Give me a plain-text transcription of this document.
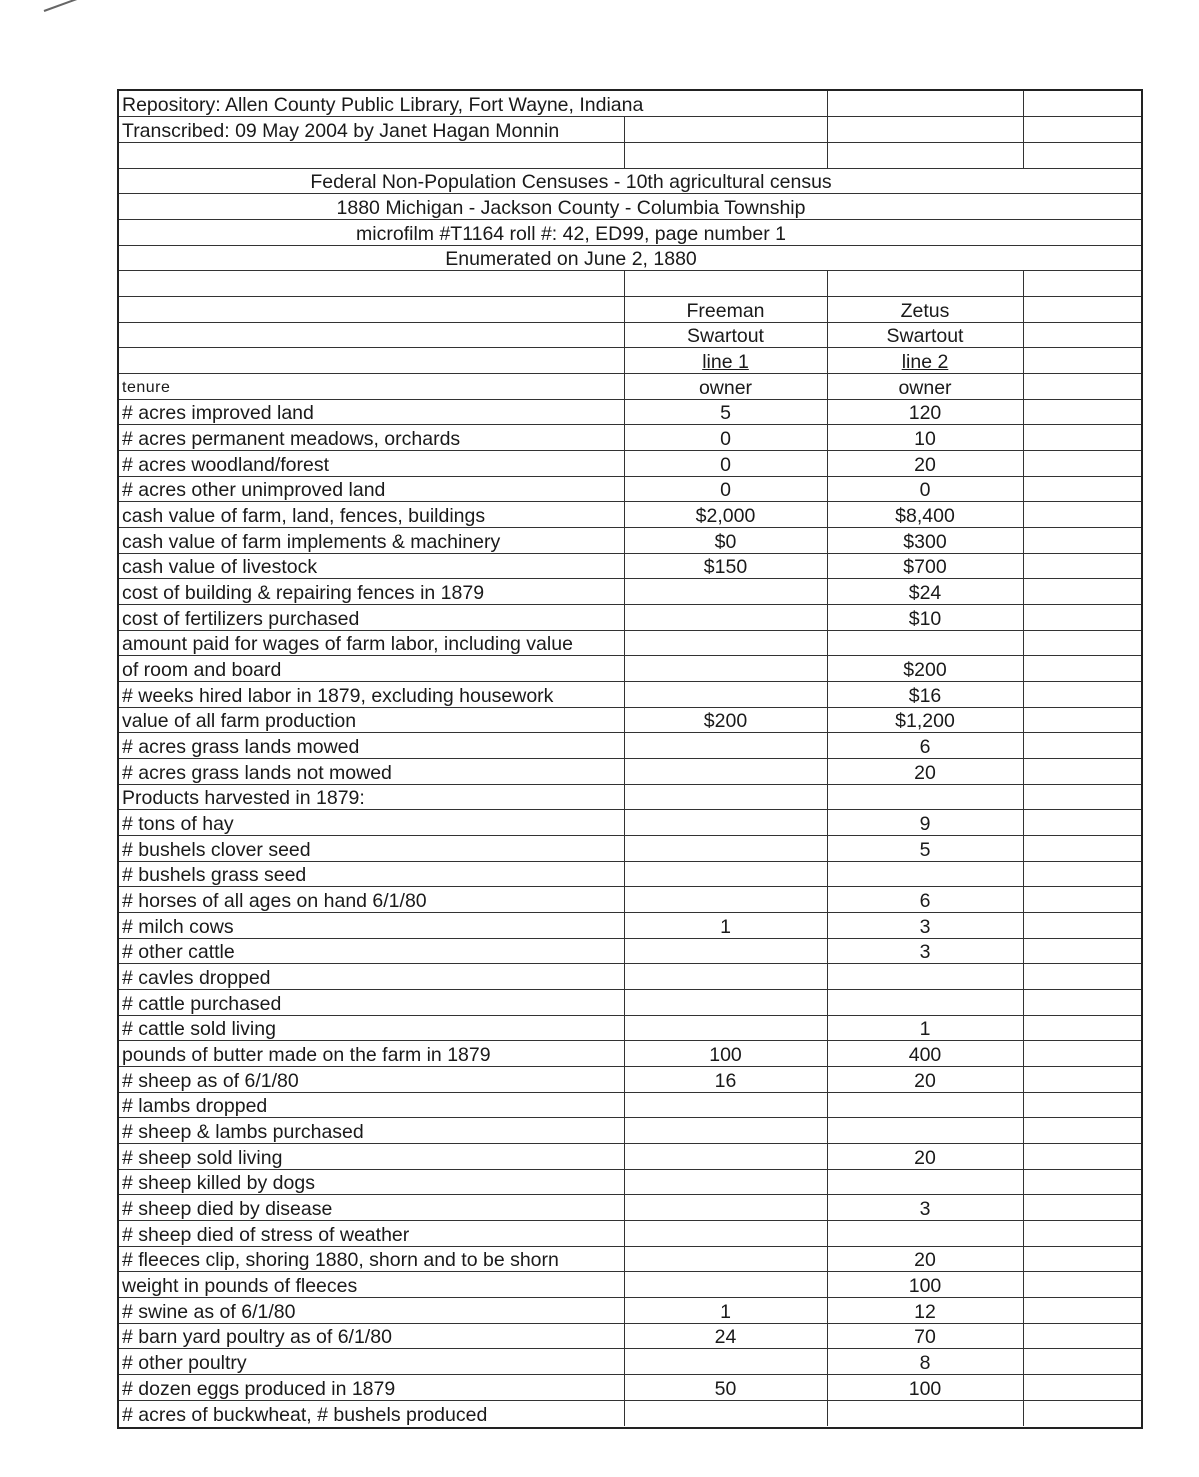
Repository: Allen County Public Library, Fort Wayne, Indiana			
Transcribed: 09 May 2004 by Janet Hagan Monnin			

Federal Non-Population Censuses - 10th agricultural census			
1880 Michigan - Jackson County - Columbia Township			
microfilm #T1164 roll #: 42, ED99, page number 1			
Enumerated on June 2, 1880			

	Freeman	Zetus	
	Swartout	Swartout	
	line 1	line 2	
tenure	owner	owner	
# acres improved land	5	120	
# acres permanent meadows, orchards	0	10	
# acres woodland/forest	0	20	
# acres other unimproved land	0	0	
cash value of farm, land, fences, buildings	$2,000	$8,400	
cash value of farm implements & machinery	$0	$300	
cash value of livestock	$150	$700	
cost of building & repairing fences in 1879		$24	
cost of fertilizers purchased		$10	
amount paid for wages of farm labor, including value			
of room and board		$200	
# weeks hired labor in 1879, excluding housework		$16	
value of all farm production	$200	$1,200	
# acres grass lands mowed		6	
# acres grass lands not mowed		20	
Products harvested in 1879:			
# tons of hay		9	
# bushels clover seed		5	
# bushels grass seed			
# horses of all ages on hand 6/1/80		6	
# milch cows	1	3	
# other cattle		3	
# cavles dropped			
# cattle purchased			
# cattle sold living		1	
pounds of butter made on the farm in 1879	100	400	
# sheep as of 6/1/80	16	20	
# lambs dropped			
# sheep & lambs purchased			
# sheep sold living		20	
# sheep killed by dogs			
# sheep died by disease		3	
# sheep died of stress of weather			
# fleeces clip, shoring 1880, shorn and to be shorn		20	
weight in pounds of fleeces		100	
# swine as of 6/1/80	1	12	
# barn yard poultry as of 6/1/80	24	70	
# other poultry		8	
# dozen eggs produced in 1879	50	100	
# acres of buckwheat, # bushels produced			
